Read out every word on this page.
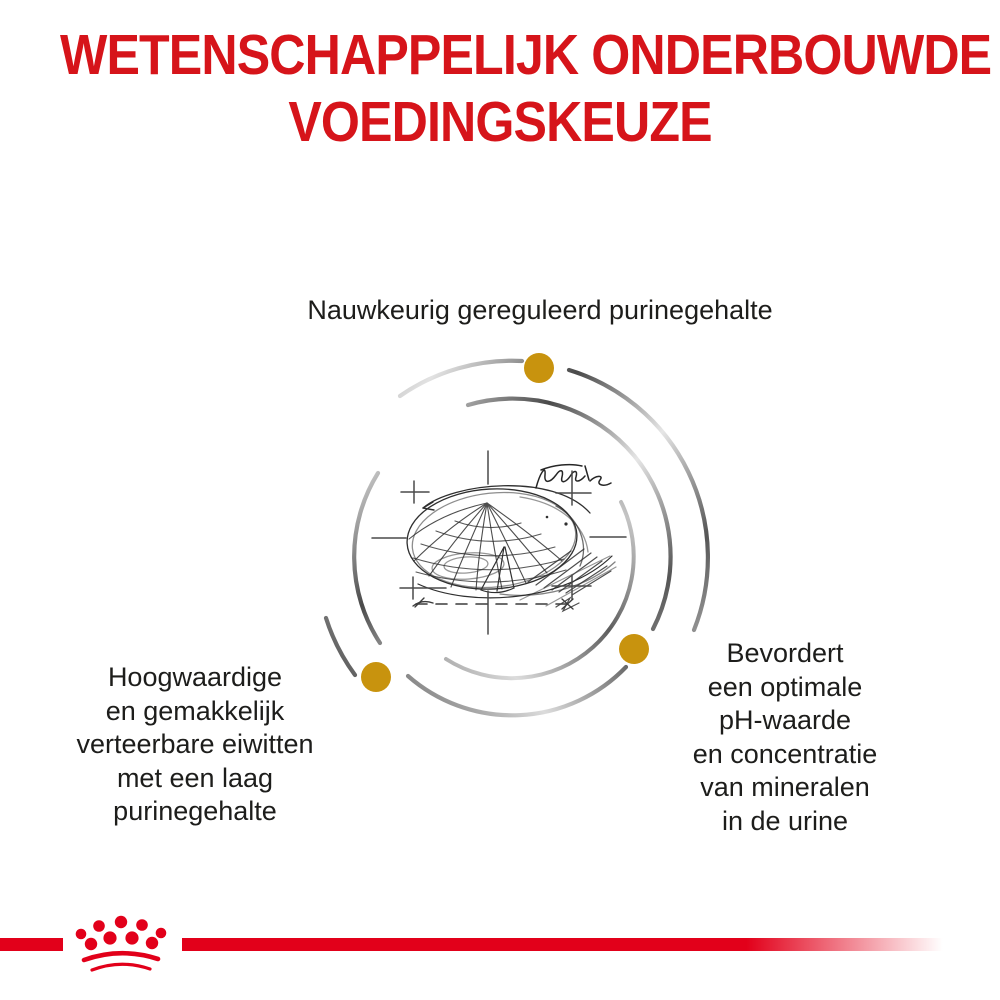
WETENSCHAPPELIJK ONDERBOUWDE
VOEDINGSKEUZE
Nauwkeurig gereguleerd purinegehalte
Hoogwaardige
en gemakkelijk
verteerbare eiwitten
met een laag
purinegehalte
Bevordert
een optimale
pH-waarde
en concentratie
van mineralen
in de urine
